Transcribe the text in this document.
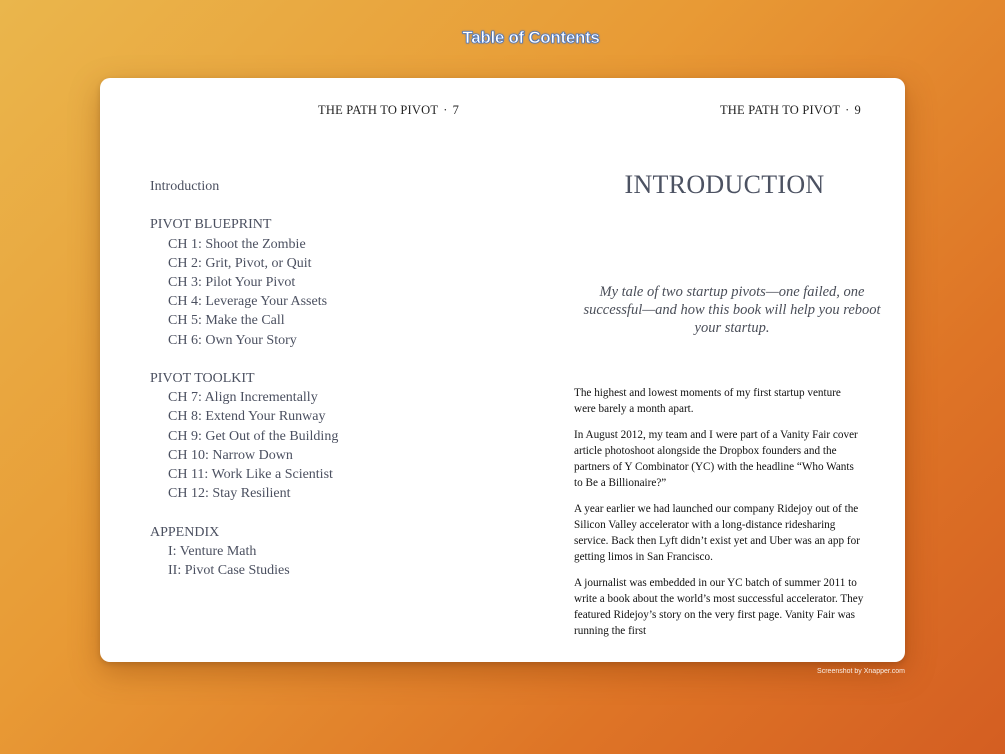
Table of Contents
THE PATH TO PIVOT · 7
Introduction
PIVOT BLUEPRINT
CH 1: Shoot the Zombie
CH 2: Grit, Pivot, or Quit
CH 3: Pilot Your Pivot
CH 4: Leverage Your Assets
CH 5: Make the Call
CH 6: Own Your Story
PIVOT TOOLKIT
CH 7: Align Incrementally
CH 8: Extend Your Runway
CH 9: Get Out of the Building
CH 10: Narrow Down
CH 11: Work Like a Scientist
CH 12: Stay Resilient
APPENDIX
I: Venture Math
II: Pivot Case Studies
THE PATH TO PIVOT · 9
INTRODUCTION
My tale of two startup pivots—one failed, one successful—and how this book will help you reboot your startup.

The highest and lowest moments of my first startup venture were barely a month apart.

In August 2012, my team and I were part of a Vanity Fair cover article photoshoot alongside the Dropbox founders and the partners of Y Combinator (YC) with the headline “Who Wants to Be a Billionaire?”

A year earlier we had launched our company Ridejoy out of the Silicon Valley accelerator with a long-distance ridesharing service. Back then Lyft didn’t exist yet and Uber was an app for getting limos in San Francisco.

A journalist was embedded in our YC batch of summer 2011 to write a book about the world’s most successful accelerator. They featured Ridejoy’s story on the very first page. Vanity Fair was running the first

Screenshot by Xnapper.com
